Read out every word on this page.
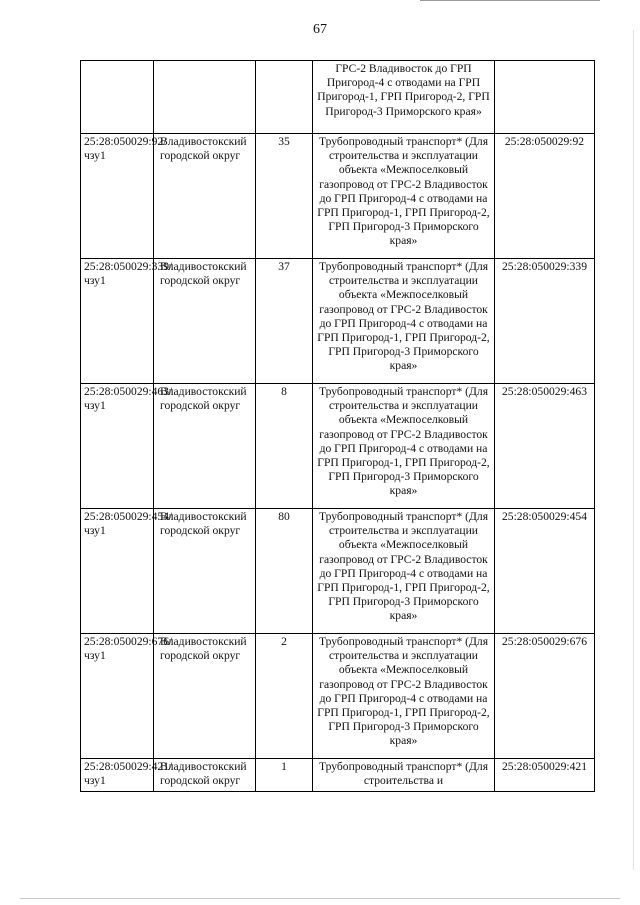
67
			ГРС-2 Владивосток до ГРП Пригород-4 с отводами на ГРП Пригород-1, ГРП Пригород-2, ГРП Пригород-3 Приморского края»	
25:28:050029:92/чзу1	Владивостокский городской округ	35	Трубопроводный транспорт* (Для строительства и эксплуатации объекта «Межпоселковый газопровод от ГРС-2 Владивосток до ГРП Пригород-4 с отводами на ГРП Пригород-1, ГРП Пригород-2, ГРП Пригород-3 Приморского края»	25:28:050029:92
25:28:050029:339/чзу1	Владивостокский городской округ	37	Трубопроводный транспорт* (Для строительства и эксплуатации объекта «Межпоселковый газопровод от ГРС-2 Владивосток до ГРП Пригород-4 с отводами на ГРП Пригород-1, ГРП Пригород-2, ГРП Пригород-3 Приморского края»	25:28:050029:339
25:28:050029:463/чзу1	Владивостокский городской округ	8	Трубопроводный транспорт* (Для строительства и эксплуатации объекта «Межпоселковый газопровод от ГРС-2 Владивосток до ГРП Пригород-4 с отводами на ГРП Пригород-1, ГРП Пригород-2, ГРП Пригород-3 Приморского края»	25:28:050029:463
25:28:050029:454/чзу1	Владивостокский городской округ	80	Трубопроводный транспорт* (Для строительства и эксплуатации объекта «Межпоселковый газопровод от ГРС-2 Владивосток до ГРП Пригород-4 с отводами на ГРП Пригород-1, ГРП Пригород-2, ГРП Пригород-3 Приморского края»	25:28:050029:454
25:28:050029:676/чзу1	Владивостокский городской округ	2	Трубопроводный транспорт* (Для строительства и эксплуатации объекта «Межпоселковый газопровод от ГРС-2 Владивосток до ГРП Пригород-4 с отводами на ГРП Пригород-1, ГРП Пригород-2, ГРП Пригород-3 Приморского края»	25:28:050029:676
25:28:050029:421/чзу1	Владивостокский городской округ	1	Трубопроводный транспорт* (Для строительства и	25:28:050029:421
